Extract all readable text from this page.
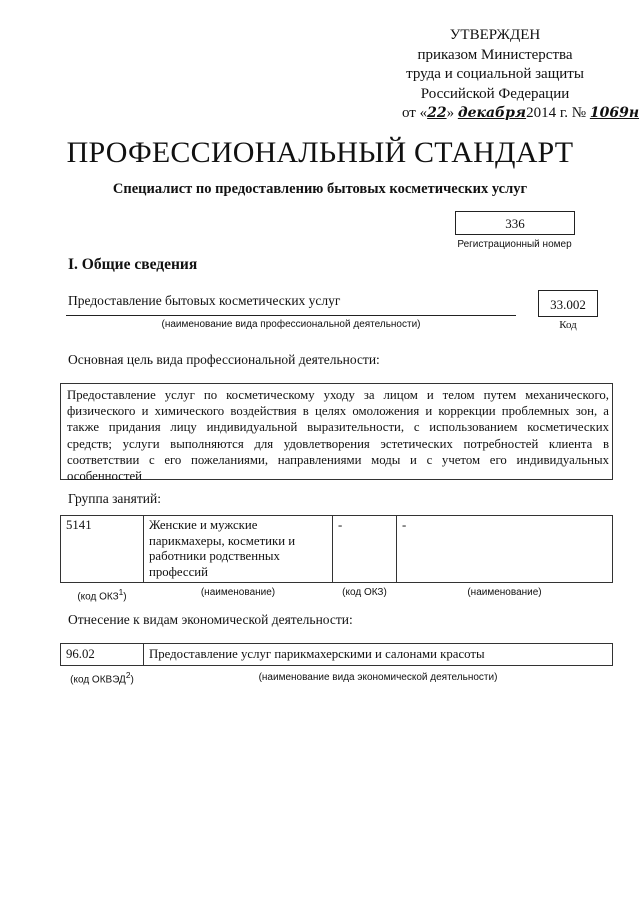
УТВЕРЖДЕН
приказом Министерства
труда и социальной защиты
Российской Федерации
от «22» декабря2014 г. № 1069н
ПРОФЕССИОНАЛЬНЫЙ СТАНДАРТ
Специалист по предоставлению бытовых косметических услуг
336
Регистрационный номер
I. Общие сведения
Предоставление бытовых косметических услуг
(наименование вида профессиональной деятельности)
33.002
Код
Основная цель вида профессиональной деятельности:
Предоставление услуг по косметическому уходу за лицом и телом путем механического, физического и химического воздействия в целях омоложения и коррекции проблемных зон, а также придания лицу индивидуальной выразительности, с использованием косметических средств; услуги выполняются для удовлетворения эстетических потребностей клиента в соответствии с его пожеланиями, направлениями моды и с учетом его индивидуальных особенностей
Группа занятий:
5141	Женские и мужские парикмахеры, косметики и работники родственных профессий	-	-
(код ОКЗ$^1$)	(наименование)	(код ОКЗ)	(наименование)
Отнесение к видам экономической деятельности:
96.02	Предоставление услуг парикмахерскими и салонами красоты
(код ОКВЭД$^2$)	(наименование вида экономической деятельности)
